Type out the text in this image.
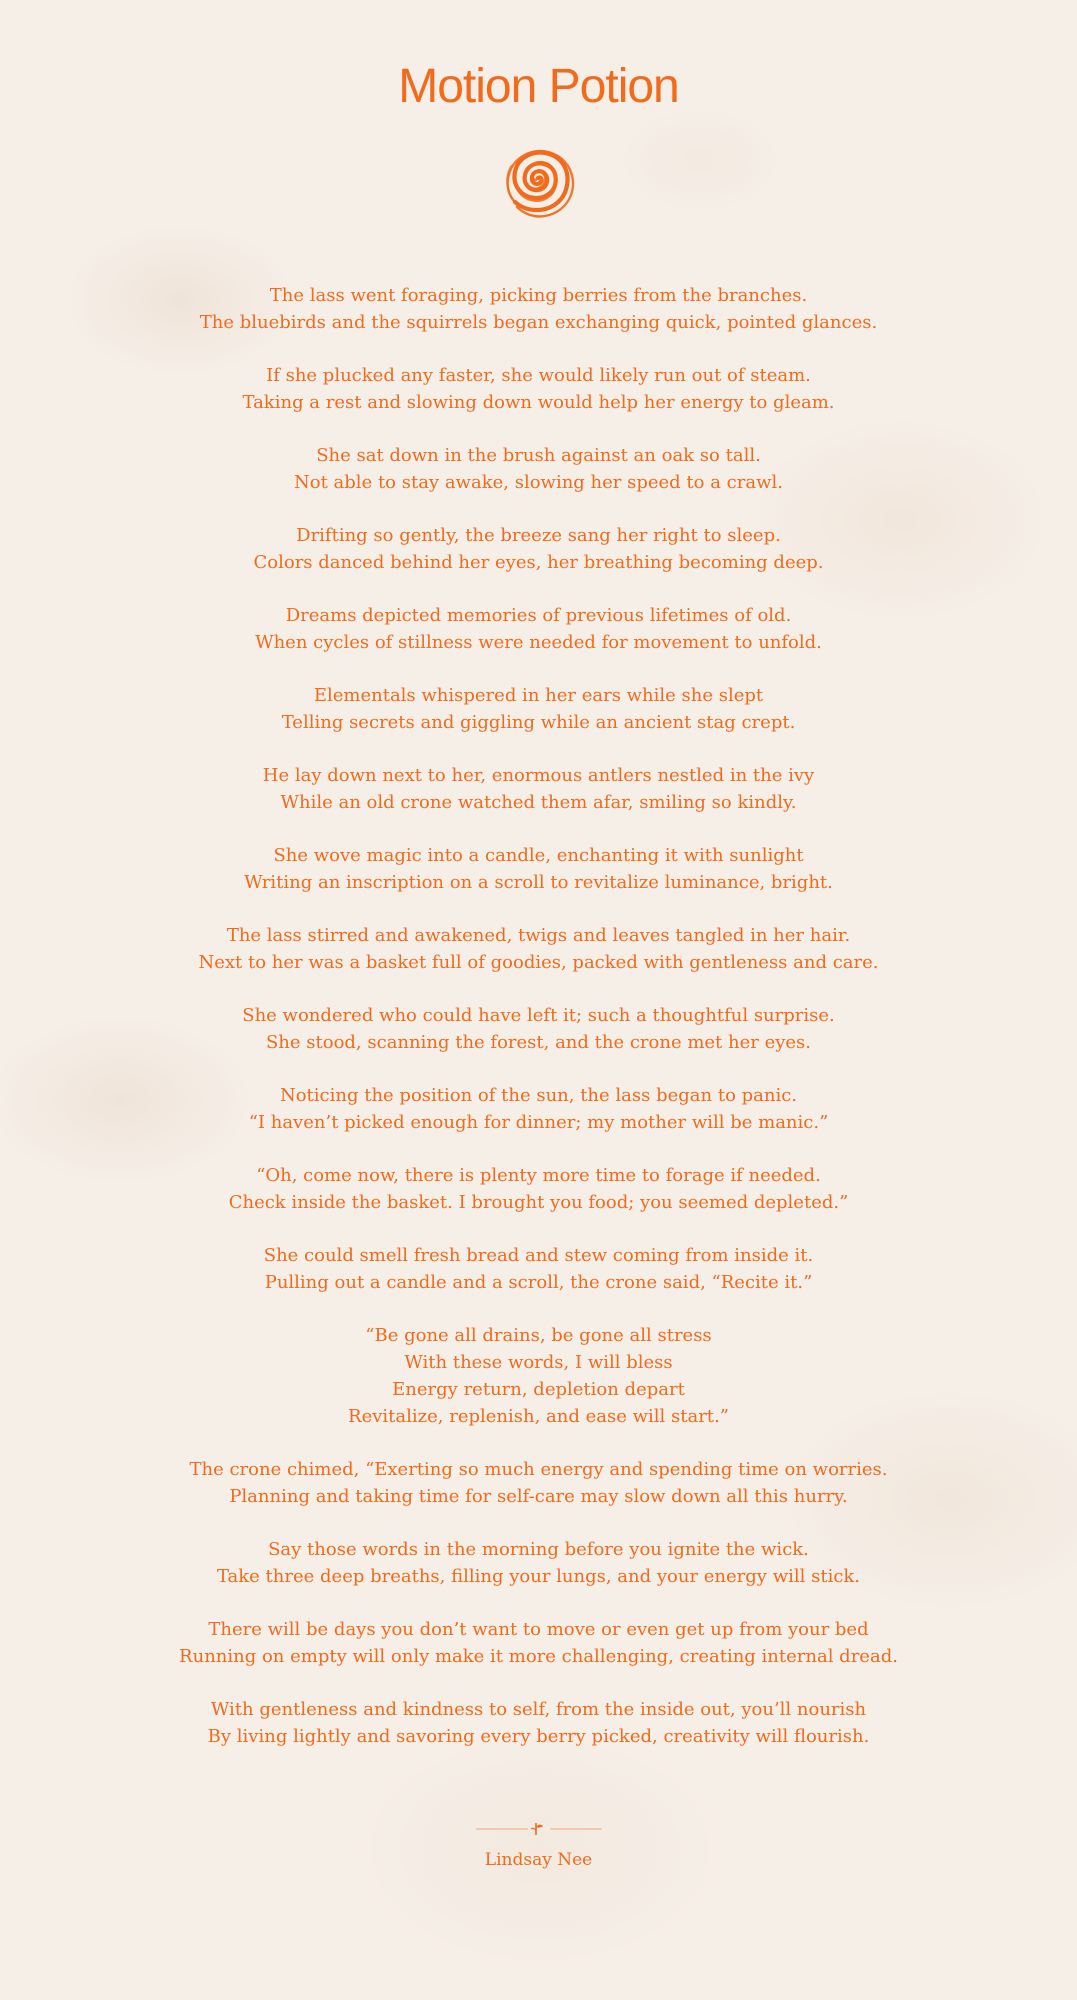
Motion Potion
The lass went foraging, picking berries from the branches.
The bluebirds and the squirrels began exchanging quick, pointed glances.
If she plucked any faster, she would likely run out of steam.
Taking a rest and slowing down would help her energy to gleam.
She sat down in the brush against an oak so tall.
Not able to stay awake, slowing her speed to a crawl.
Drifting so gently, the breeze sang her right to sleep.
Colors danced behind her eyes, her breathing becoming deep.
Dreams depicted memories of previous lifetimes of old.
When cycles of stillness were needed for movement to unfold.
Elementals whispered in her ears while she slept
Telling secrets and giggling while an ancient stag crept.
He lay down next to her, enormous antlers nestled in the ivy
While an old crone watched them afar, smiling so kindly.
She wove magic into a candle, enchanting it with sunlight
Writing an inscription on a scroll to revitalize luminance, bright.
The lass stirred and awakened, twigs and leaves tangled in her hair.
Next to her was a basket full of goodies, packed with gentleness and care.
She wondered who could have left it; such a thoughtful surprise.
She stood, scanning the forest, and the crone met her eyes.
Noticing the position of the sun, the lass began to panic.
“I haven’t picked enough for dinner; my mother will be manic.”
“Oh, come now, there is plenty more time to forage if needed.
Check inside the basket. I brought you food; you seemed depleted.”
She could smell fresh bread and stew coming from inside it.
Pulling out a candle and a scroll, the crone said, “Recite it.”
“Be gone all drains, be gone all stress
With these words, I will bless
Energy return, depletion depart
Revitalize, replenish, and ease will start.”
The crone chimed, “Exerting so much energy and spending time on worries.
Planning and taking time for self-care may slow down all this hurry.
Say those words in the morning before you ignite the wick.
Take three deep breaths, filling your lungs, and your energy will stick.
There will be days you don’t want to move or even get up from your bed
Running on empty will only make it more challenging, creating internal dread.
With gentleness and kindness to self, from the inside out, you’ll nourish
By living lightly and savoring every berry picked, creativity will flourish.
Lindsay Nee
